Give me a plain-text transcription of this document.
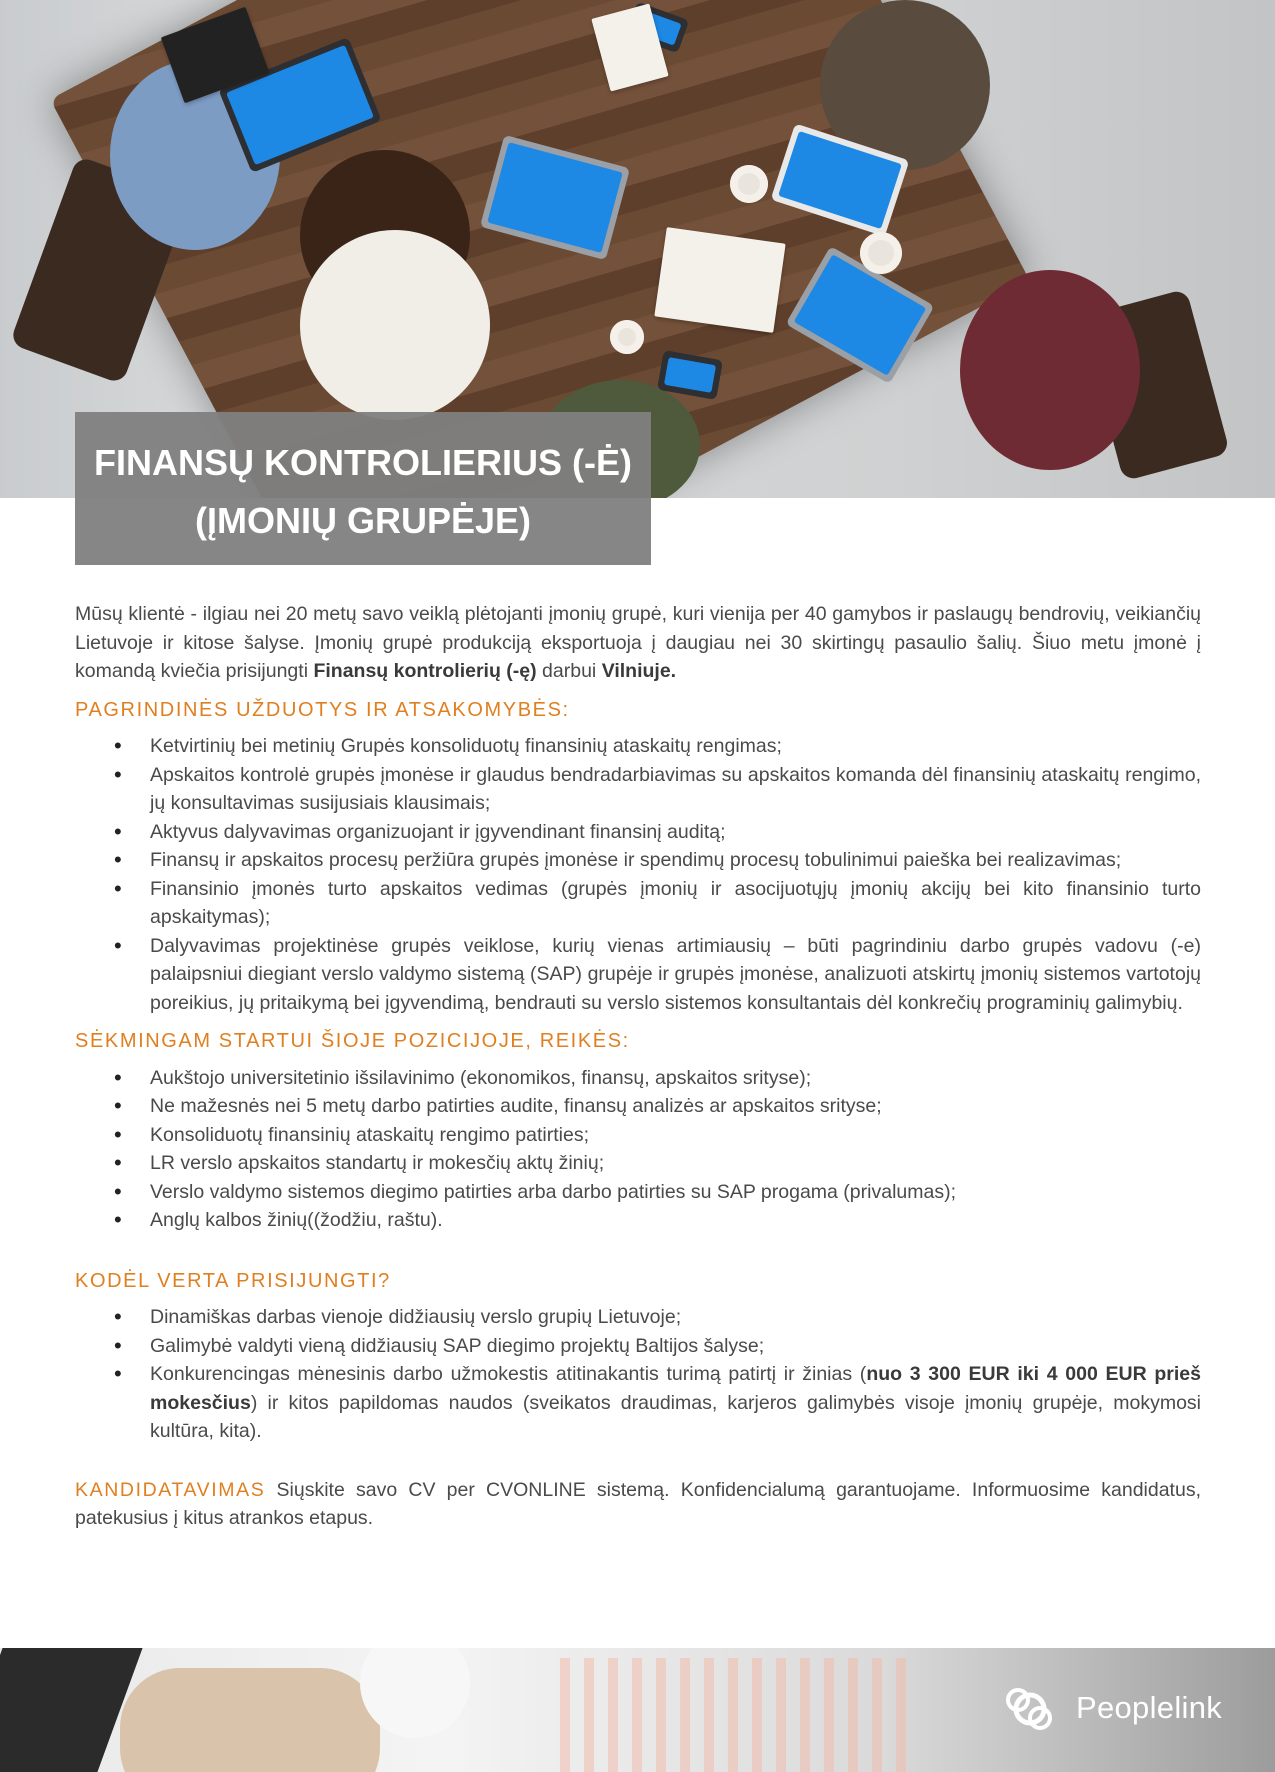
FINANSŲ KONTROLIERIUS (-Ė)
(ĮMONIŲ GRUPĖJE)

Mūsų klientė - ilgiau nei 20 metų savo veiklą plėtojanti įmonių grupė, kuri vienija per 40 gamybos ir paslaugų bendrovių, veikiančių Lietuvoje ir kitose šalyse. Įmonių grupė produkciją eksportuoja į daugiau nei 30 skirtingų pasaulio šalių. Šiuo metu įmonė į komandą kviečia prisijungti Finansų kontrolierių (-ę) darbui Vilniuje.

PAGRINDINĖS UŽDUOTYS IR ATSAKOMYBĖS:
• Ketvirtinių bei metinių Grupės konsoliduotų finansinių ataskaitų rengimas;
• Apskaitos kontrolė grupės įmonėse ir glaudus bendradarbiavimas su apskaitos komanda dėl finansinių ataskaitų rengimo, jų konsultavimas susijusiais klausimais;
• Aktyvus dalyvavimas organizuojant ir įgyvendinant finansinį auditą;
• Finansų ir apskaitos procesų peržiūra grupės įmonėse ir spendimų procesų tobulinimui paieška bei realizavimas;
• Finansinio įmonės turto apskaitos vedimas (grupės įmonių ir asocijuotųjų įmonių akcijų bei kito finansinio turto apskaitymas);
• Dalyvavimas projektinėse grupės veiklose, kurių vienas artimiausių – būti pagrindiniu darbo grupės vadovu (-e) palaipsniui diegiant verslo valdymo sistemą (SAP) grupėje ir grupės įmonėse, analizuoti atskirtų įmonių sistemos vartotojų poreikius, jų pritaikymą bei įgyvendimą, bendrauti su verslo sistemos konsultantais dėl konkrečių programinių galimybių.
SĖKMINGAM STARTUI ŠIOJE POZICIJOJE, REIKĖS:
• Aukštojo universitetinio išsilavinimo (ekonomikos, finansų, apskaitos srityse);
• Ne mažesnės nei 5 metų darbo patirties audite, finansų analizės ar apskaitos srityse;
• Konsoliduotų finansinių ataskaitų rengimo patirties;
• LR verslo apskaitos standartų ir mokesčių aktų žinių;
• Verslo valdymo sistemos diegimo patirties arba darbo patirties su SAP progama (privalumas);
• Anglų kalbos žinių((žodžiu, raštu).
KODĖL VERTA PRISIJUNGTI?
• Dinamiškas darbas vienoje didžiausių verslo grupių Lietuvoje;
• Galimybė valdyti vieną didžiausių SAP diegimo projektų Baltijos šalyse;
• Konkurencingas mėnesinis darbo užmokestis atitinakantis turimą patirtį ir žinias (nuo 3 300 EUR iki 4 000 EUR prieš mokesčius) ir kitos papildomas naudos (sveikatos draudimas, karjeros galimybės visoje įmonių grupėje, mokymosi kultūra, kita).

KANDIDATAVIMAS Siųskite savo CV per CVONLINE sistemą. Konfidencialumą garantuojame. Informuosime kandidatus, patekusius į kitus atrankos etapus.

Peoplelink
